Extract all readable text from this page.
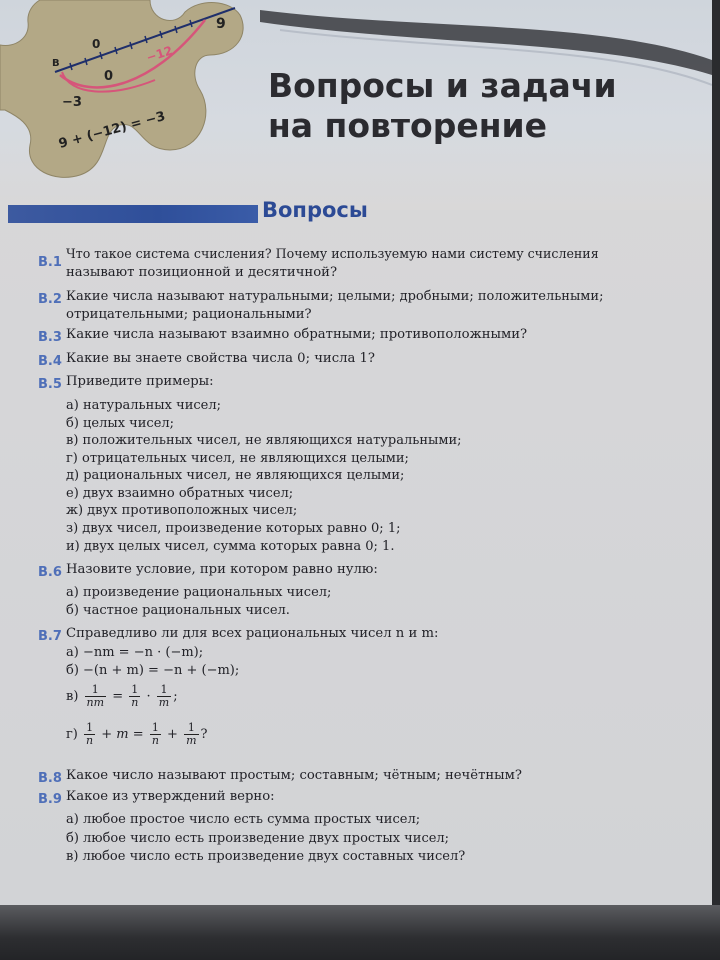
0
9
B
0
−12
−3
9 + (−12) = −3
Вопросы и задачи
на повторение
Вопросы
В.1
Что такое система счисления? Почему используемую нами систему счисления
называют позиционной и десятичной?
В.2 Какие числа называют натуральными; целыми; дробными; положительными;
отрицательными; рациональными?
В.3 Какие числа называют взаимно обратными; противоположными?
В.4 Какие вы знаете свойства числа 0; числа 1?
В.5 Приведите примеры:
а) натуральных чисел;
б) целых чисел;
в) положительных чисел, не являющихся натуральными;
г) отрицательных чисел, не являющихся целыми;
д) рациональных чисел, не являющихся целыми;
е) двух взаимно обратных чисел;
ж) двух противоположных чисел;
з) двух чисел, произведение которых равно 0; 1;
и) двух целых чисел, сумма которых равна 0; 1.
В.6 Назовите условие, при котором равно нулю:
а) произведение рациональных чисел;
б) частное рациональных чисел.
В.7 Справедливо ли для всех рациональных чисел n и m:
а) −nm = −n · (−m);
б) −(n + m) = −n + (−m);
$в) \frac{1}{nm} = \frac{1}{n} \cdot \frac{1}{m}$ ;
$г) \frac{1}{n} + m = \frac{1}{n} + \frac{1}{m}$ ?
В.8 Какое число называют простым; составным; чётным; нечётным?
В.9 Какое из утверждений верно:
а) любое простое число есть сумма простых чисел;
б) любое число есть произведение двух простых чисел;
в) любое число есть произведение двух составных чисел?
